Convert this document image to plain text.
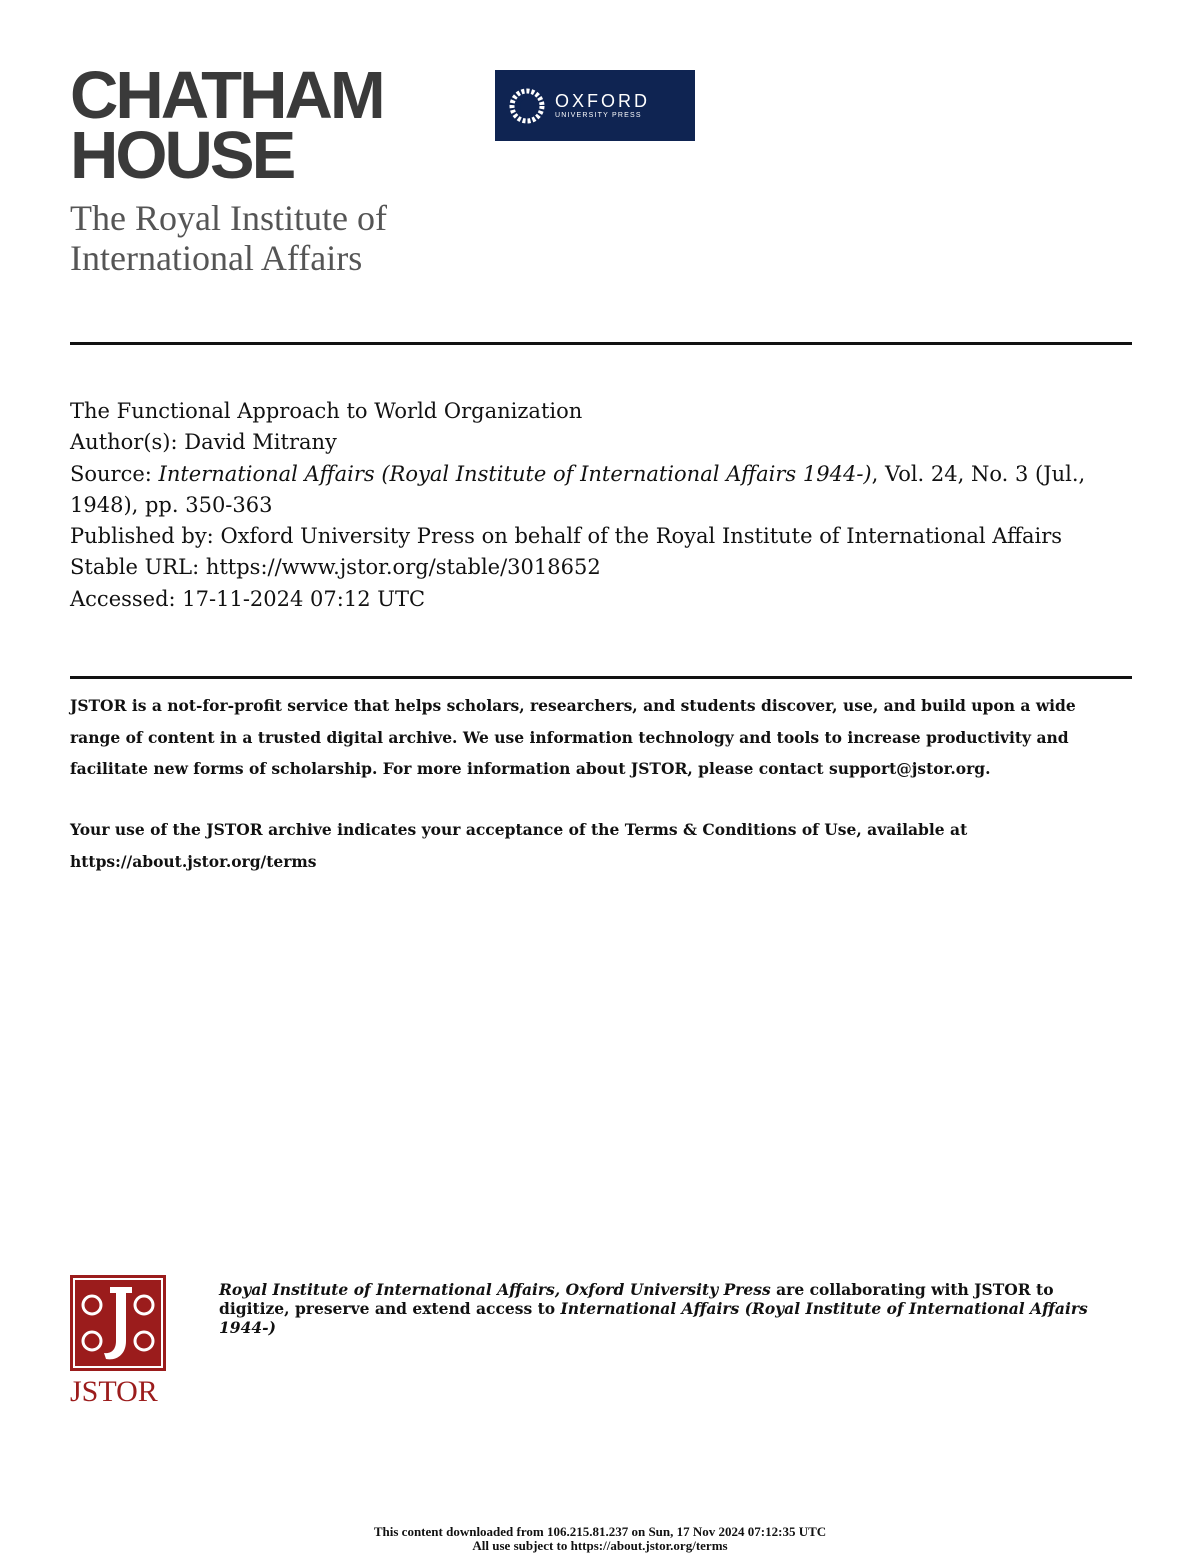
CHATHAM
HOUSE
The Royal Institute of
International Affairs
OXFORD
UNIVERSITY PRESS
The Functional Approach to World Organization
Author(s): David Mitrany
Source: International Affairs (Royal Institute of International Affairs 1944-), Vol. 24, No. 3 (Jul., 1948), pp. 350-363
Published by: Oxford University Press on behalf of the Royal Institute of International Affairs
Stable URL: https://www.jstor.org/stable/3018652
Accessed: 17-11-2024 07:12 UTC
JSTOR is a not-for-profit service that helps scholars, researchers, and students discover, use, and build upon a wide
range of content in a trusted digital archive. We use information technology and tools to increase productivity and
facilitate new forms of scholarship. For more information about JSTOR, please contact support@jstor.org.
Your use of the JSTOR archive indicates your acceptance of the Terms & Conditions of Use, available at
https://about.jstor.org/terms
JSTOR
Royal Institute of International Affairs, Oxford University Press are collaborating with JSTOR to digitize, preserve and extend access to International Affairs (Royal Institute of International Affairs 1944-)
This content downloaded from 106.215.81.237 on Sun, 17 Nov 2024 07:12:35 UTC
All use subject to https://about.jstor.org/terms
